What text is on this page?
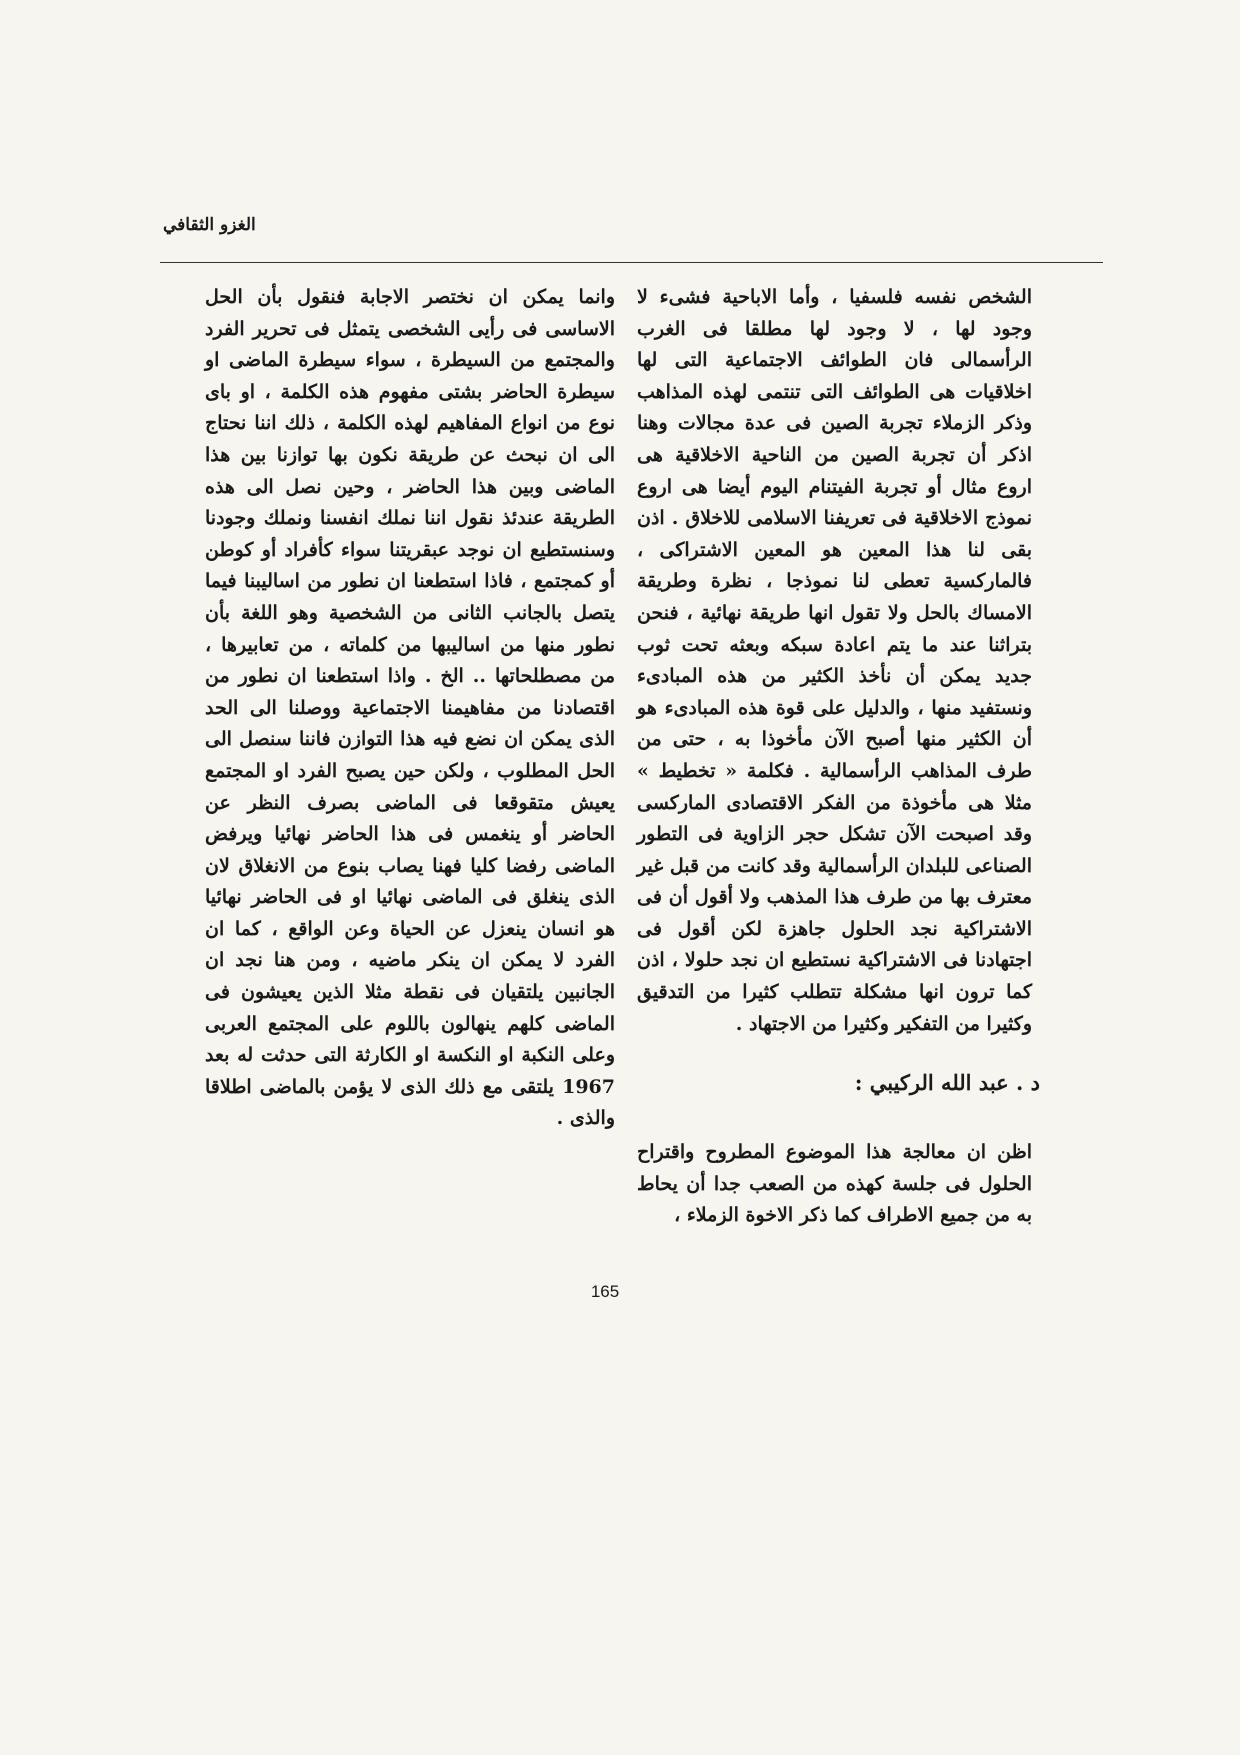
الغزو الثقافي

الشخص نفسه فلسفيا ، وأما الاباحية فشىء لا وجود لها ، لا وجود لها مطلقا فى الغرب الرأسمالى فان الطوائف الاجتماعية التى لها اخلاقيات هى الطوائف التى تنتمى لهذه المذاهب وذكر الزملاء تجربة الصين فى عدة مجالات وهنا اذكر أن تجربة الصين من الناحية الاخلاقية هى اروع مثال أو تجربة الفيتنام اليوم أيضا هى اروع نموذج الاخلاقية فى تعريفنا الاسلامى للاخلاق . اذن بقى لنا هذا المعين هو المعين الاشتراكى ، فالماركسية تعطى لنا نموذجا ، نظرة وطريقة الامساك بالحل ولا تقول انها طريقة نهائية ، فنحن بتراثنا عند ما يتم اعادة سبكه وبعثه تحت ثوب جديد يمكن أن نأخذ الكثير من هذه المبادىء ونستفيد منها ، والدليل على قوة هذه المبادىء هو أن الكثير منها أصبح الآن مأخوذا به ، حتى من طرف المذاهب الرأسمالية . فكلمة « تخطيط » مثلا هى مأخوذة من الفكر الاقتصادى الماركسى وقد اصبحت الآن تشكل حجر الزاوية فى التطور الصناعى للبلدان الرأسمالية وقد كانت من قبل غير معترف بها من طرف هذا المذهب ولا أقول أن فى الاشتراكية نجد الحلول جاهزة لكن أقول فى اجتهادنا فى الاشتراكية نستطيع ان نجد حلولا ، اذن كما ترون انها مشكلة تتطلب كثيرا من التدقيق وكثيرا من التفكير وكثيرا من الاجتهاد .

د . عبد الله الركيبي :

اظن ان معالجة هذا الموضوع المطروح واقتراح الحلول فى جلسة كهذه من الصعب جدا أن يحاط به من جميع الاطراف كما ذكر الاخوة الزملاء ،

وانما يمكن ان نختصر الاجابة فنقول بأن الحل الاساسى فى رأيى الشخصى يتمثل فى تحرير الفرد والمجتمع من السيطرة ، سواء سيطرة الماضى او سيطرة الحاضر بشتى مفهوم هذه الكلمة ، او باى نوع من انواع المفاهيم لهذه الكلمة ، ذلك اننا نحتاج الى ان نبحث عن طريقة نكون بها توازنا بين هذا الماضى وبين هذا الحاضر ، وحين نصل الى هذه الطريقة عندئذ نقول اننا نملك انفسنا ونملك وجودنا وسنستطيع ان نوجد عبقريتنا سواء كأفراد أو كوطن أو كمجتمع ، فاذا استطعنا ان نطور من اساليبنا فيما يتصل بالجانب الثانى من الشخصية وهو اللغة بأن نطور منها من اساليبها من كلماته ، من تعابيرها ، من مصطلحاتها .. الخ . واذا استطعنا ان نطور من اقتصادنا من مفاهيمنا الاجتماعية ووصلنا الى الحد الذى يمكن ان نضع فيه هذا التوازن فاننا سنصل الى الحل المطلوب ، ولكن حين يصبح الفرد او المجتمع يعيش متقوقعا فى الماضى بصرف النظر عن الحاضر أو ينغمس فى هذا الحاضر نهائيا ويرفض الماضى رفضا كليا فهنا يصاب بنوع من الانغلاق لان الذى ينغلق فى الماضى نهائيا او فى الحاضر نهائيا هو انسان ينعزل عن الحياة وعن الواقع ، كما ان الفرد لا يمكن ان ينكر ماضيه ، ومن هنا نجد ان الجانبين يلتقيان فى نقطة مثلا الذين يعيشون فى الماضى كلهم ينهالون باللوم على المجتمع العربى وعلى النكبة او النكسة او الكارثة التى حدثت له بعد 1967 يلتقى مع ذلك الذى لا يؤمن بالماضى اطلاقا والذى .

165
